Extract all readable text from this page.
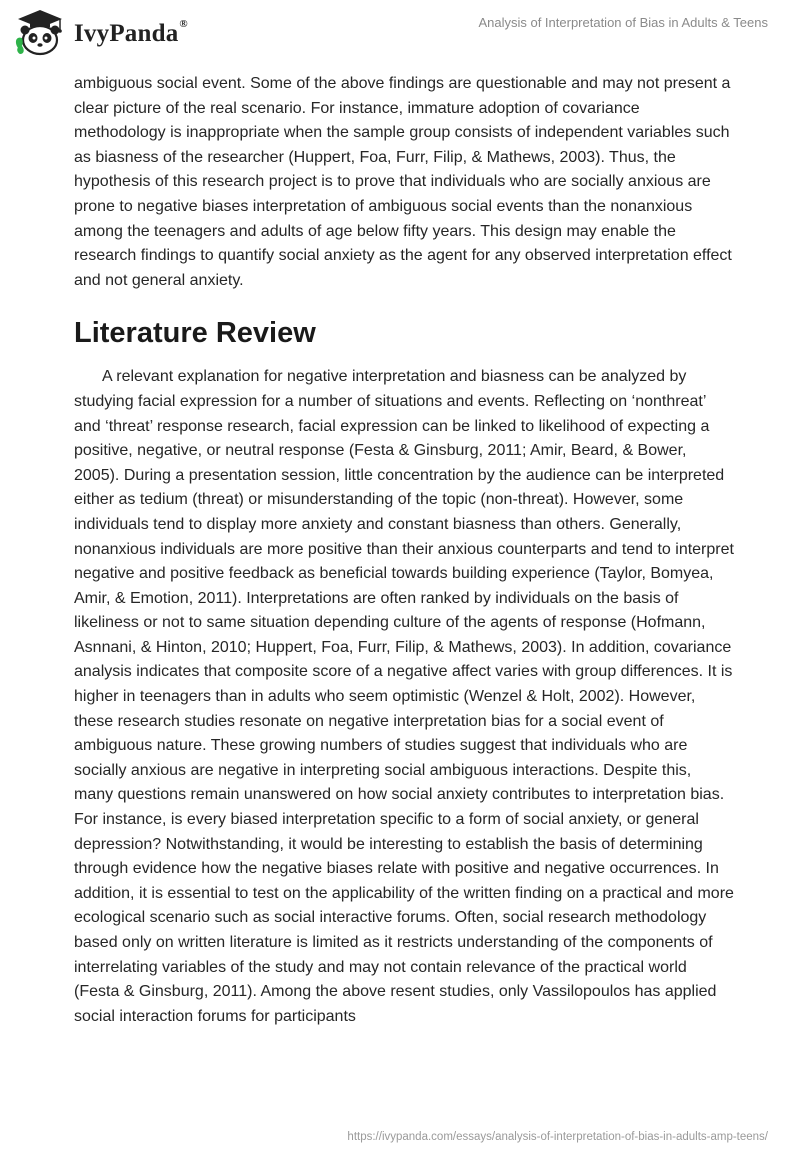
IvyPanda®	Analysis of Interpretation of Bias in Adults & Teens

ambiguous social event. Some of the above findings are questionable and may not present a clear picture of the real scenario. For instance, immature adoption of covariance methodology is inappropriate when the sample group consists of independent variables such as biasness of the researcher (Huppert, Foa, Furr, Filip, & Mathews, 2003). Thus, the hypothesis of this research project is to prove that individuals who are socially anxious are prone to negative biases interpretation of ambiguous social events than the nonanxious among the teenagers and adults of age below fifty years. This design may enable the research findings to quantify social anxiety as the agent for any observed interpretation effect and not general anxiety.

Literature Review

A relevant explanation for negative interpretation and biasness can be analyzed by studying facial expression for a number of situations and events. Reflecting on ‘nonthreat’ and ‘threat’ response research, facial expression can be linked to likelihood of expecting a positive, negative, or neutral response (Festa & Ginsburg, 2011; Amir, Beard, & Bower, 2005). During a presentation session, little concentration by the audience can be interpreted either as tedium (threat) or misunderstanding of the topic (non-threat). However, some individuals tend to display more anxiety and constant biasness than others. Generally, nonanxious individuals are more positive than their anxious counterparts and tend to interpret negative and positive feedback as beneficial towards building experience (Taylor, Bomyea, Amir, & Emotion, 2011). Interpretations are often ranked by individuals on the basis of likeliness or not to same situation depending culture of the agents of response (Hofmann, Asnnani, & Hinton, 2010; Huppert, Foa, Furr, Filip, & Mathews, 2003). In addition, covariance analysis indicates that composite score of a negative affect varies with group differences. It is higher in teenagers than in adults who seem optimistic (Wenzel & Holt, 2002). However, these research studies resonate on negative interpretation bias for a social event of ambiguous nature. These growing numbers of studies suggest that individuals who are socially anxious are negative in interpreting social ambiguous interactions. Despite this, many questions remain unanswered on how social anxiety contributes to interpretation bias. For instance, is every biased interpretation specific to a form of social anxiety, or general depression? Notwithstanding, it would be interesting to establish the basis of determining through evidence how the negative biases relate with positive and negative occurrences. In addition, it is essential to test on the applicability of the written finding on a practical and more ecological scenario such as social interactive forums. Often, social research methodology based only on written literature is limited as it restricts understanding of the components of interrelating variables of the study and may not contain relevance of the practical world (Festa & Ginsburg, 2011). Among the above resent studies, only Vassilopoulos has applied social interaction forums for participants

https://ivypanda.com/essays/analysis-of-interpretation-of-bias-in-adults-amp-teens/
